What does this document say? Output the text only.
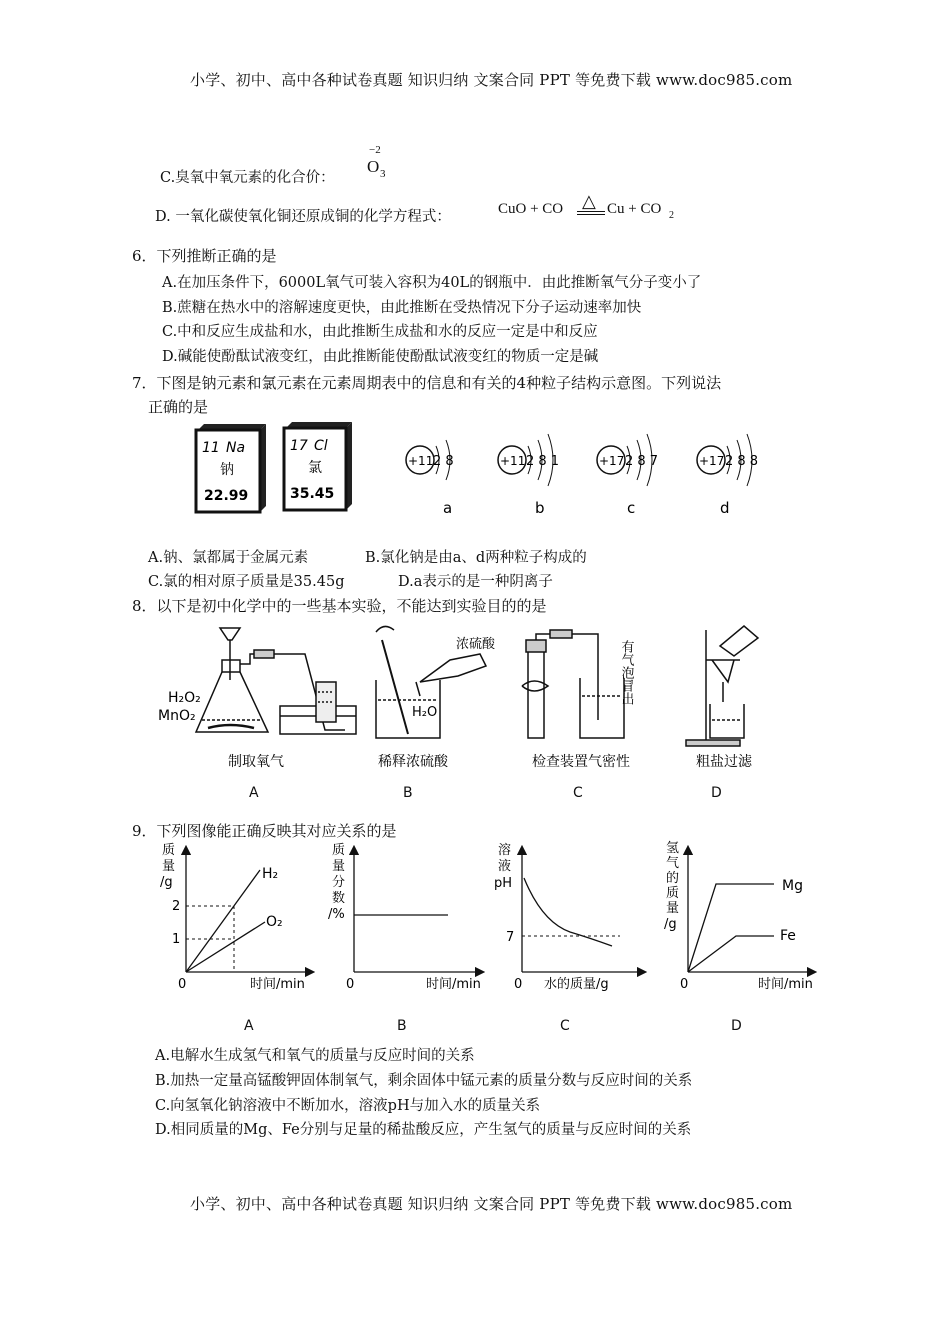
小学、初中、高中各种试卷真题 知识归纳 文案合同 PPT 等免费下载 www.doc985.com
C.臭氧中氧元素的化合价：
−2
O 3
D. 一氧化碳使氧化铜还原成铜的化学方程式：	CuO + CO △ Cu + CO 2
6．下列推断正确的是
A.在加压条件下，6000L氧气可装入容积为40L的钢瓶中．由此推断氧气分子变小了
B.蔗糖在热水中的溶解速度更快，由此推断在受热情况下分子运动速率加快
C.中和反应生成盐和水，由此推断生成盐和水的反应一定是中和反应
D.碱能使酚酞试液变红，由此推断能使酚酞试液变红的物质一定是碱
7．下图是钠元素和氯元素在元素周期表中的信息和有关的4种粒子结构示意图。下列说法
正确的是
11 Na
钠
22.99
17 Cl
氯
35.45
+11 2 8
a
+11 2 8 1
b
+17 2 8 7
c
+17 2 8 8
d
A.钠、氯都属于金属元素	B.氯化钠是由a、d两种粒子构成的
C.氯的相对原子质量是35.45g	D.a表示的是一种阴离子
8．以下是初中化学中的一些基本实验，不能达到实验目的的是
H₂O₂
MnO₂
制取氧气
浓硫酸
H₂O
稀释浓硫酸
有气泡冒出
检查装置气密性	粗盐过滤
A	B	C	D
9．下列图像能正确反映其对应关系的是
质
量
/g
2
1
0	时间/min
H₂
O₂
质
量
分
数
/%
0	时间/min
溶
液
pH
7
0 水的质量/g
氢
气
的
质
量
/g
0	时间/min
Mg
Fe
A	B	C	D
A.电解水生成氢气和氧气的质量与反应时间的关系
B.加热一定量高锰酸钾固体制氧气，剩余固体中锰元素的质量分数与反应时间的关系
C.向氢氧化钠溶液中不断加水，溶液pH与加入水的质量关系
D.相同质量的Mg、Fe分别与足量的稀盐酸反应，产生氢气的质量与反应时间的关系
小学、初中、高中各种试卷真题 知识归纳 文案合同 PPT 等免费下载 www.doc985.com
